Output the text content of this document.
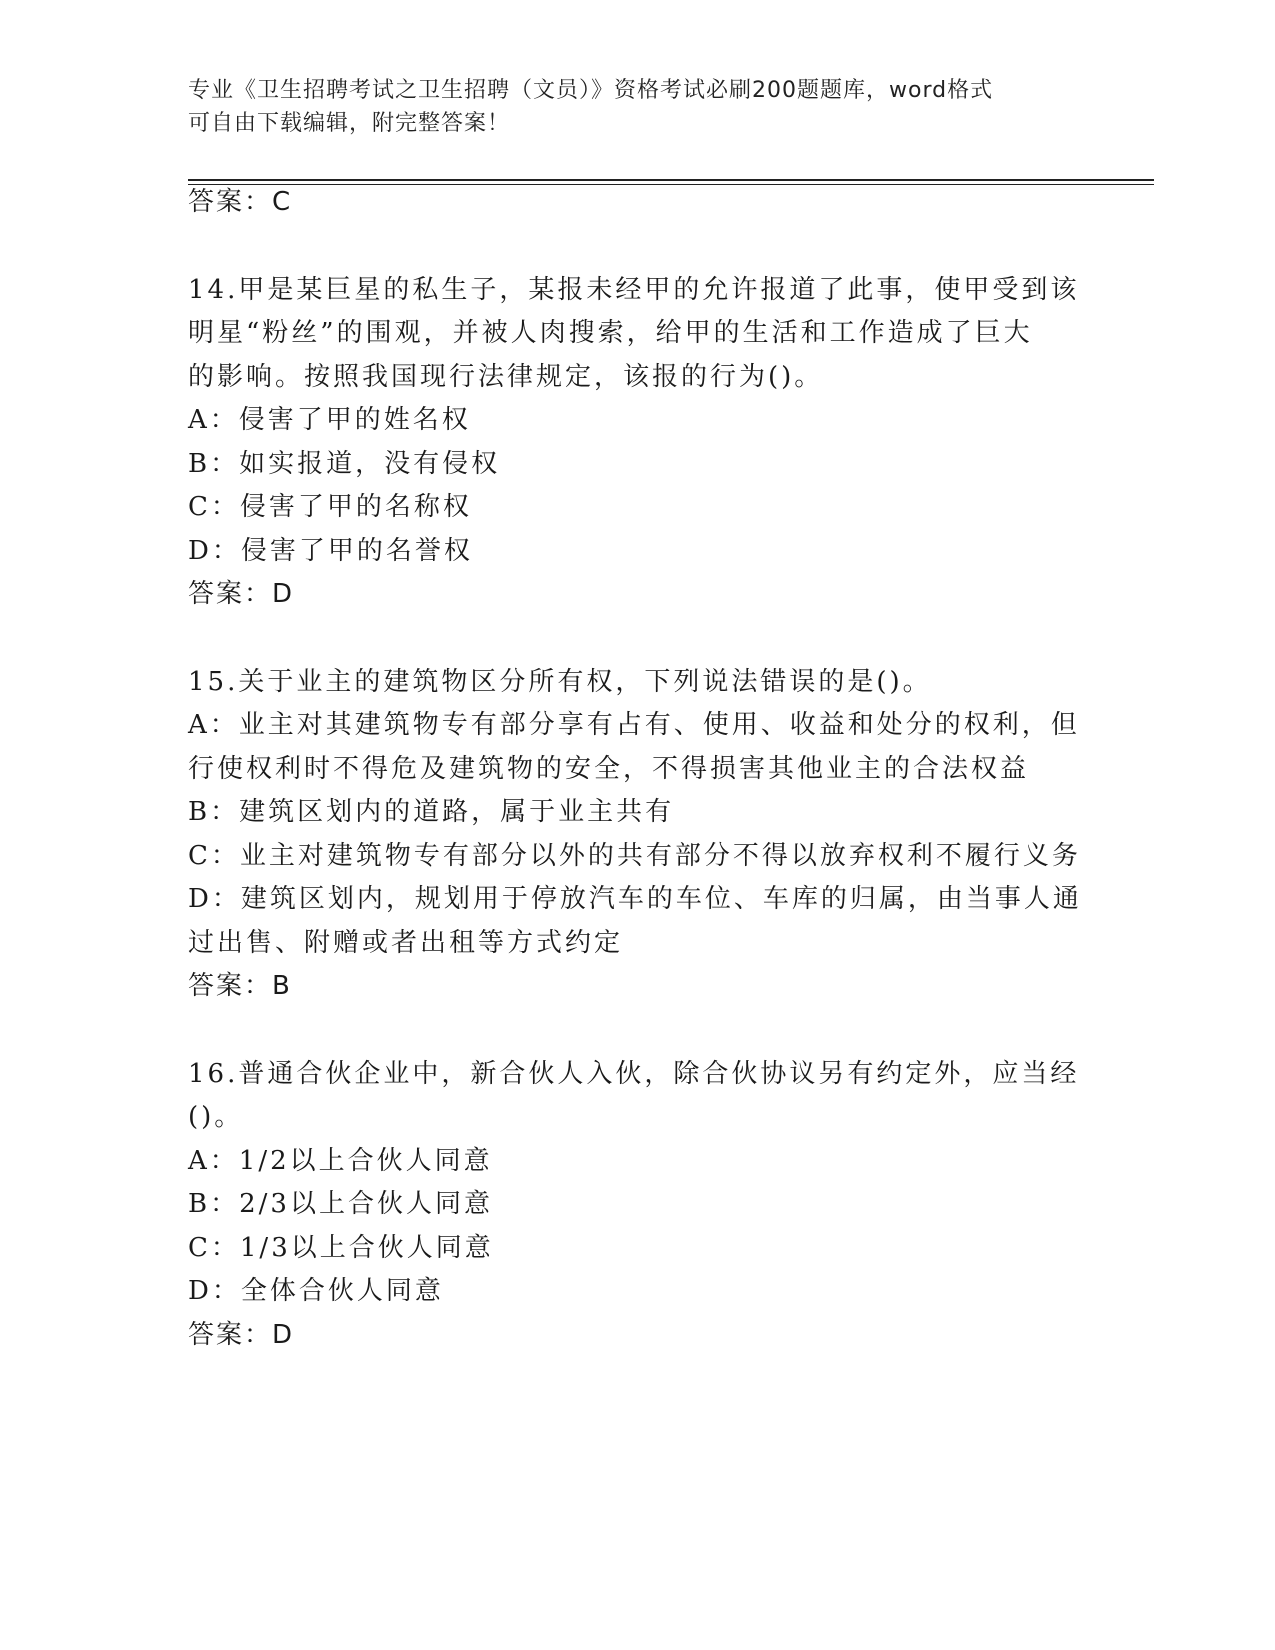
专业《卫生招聘考试之卫生招聘（文员）》资格考试必刷200题题库，word格式
可自由下载编辑，附完整答案！
答案：C
14.甲是某巨星的私生子，某报未经甲的允许报道了此事，使甲受到该
明星“粉丝”的围观，并被人肉搜索，给甲的生活和工作造成了巨大
的影响。按照我国现行法律规定，该报的行为()。
A：侵害了甲的姓名权
B：如实报道，没有侵权
C：侵害了甲的名称权
D：侵害了甲的名誉权
答案：D
15.关于业主的建筑物区分所有权，下列说法错误的是()。
A：业主对其建筑物专有部分享有占有、使用、收益和处分的权利，但
行使权利时不得危及建筑物的安全，不得损害其他业主的合法权益
B：建筑区划内的道路，属于业主共有
C：业主对建筑物专有部分以外的共有部分不得以放弃权利不履行义务
D：建筑区划内，规划用于停放汽车的车位、车库的归属，由当事人通
过出售、附赠或者出租等方式约定
答案：B
16.普通合伙企业中，新合伙人入伙，除合伙协议另有约定外，应当经
()。
A：1/2以上合伙人同意
B：2/3以上合伙人同意
C：1/3以上合伙人同意
D：全体合伙人同意
答案：D
